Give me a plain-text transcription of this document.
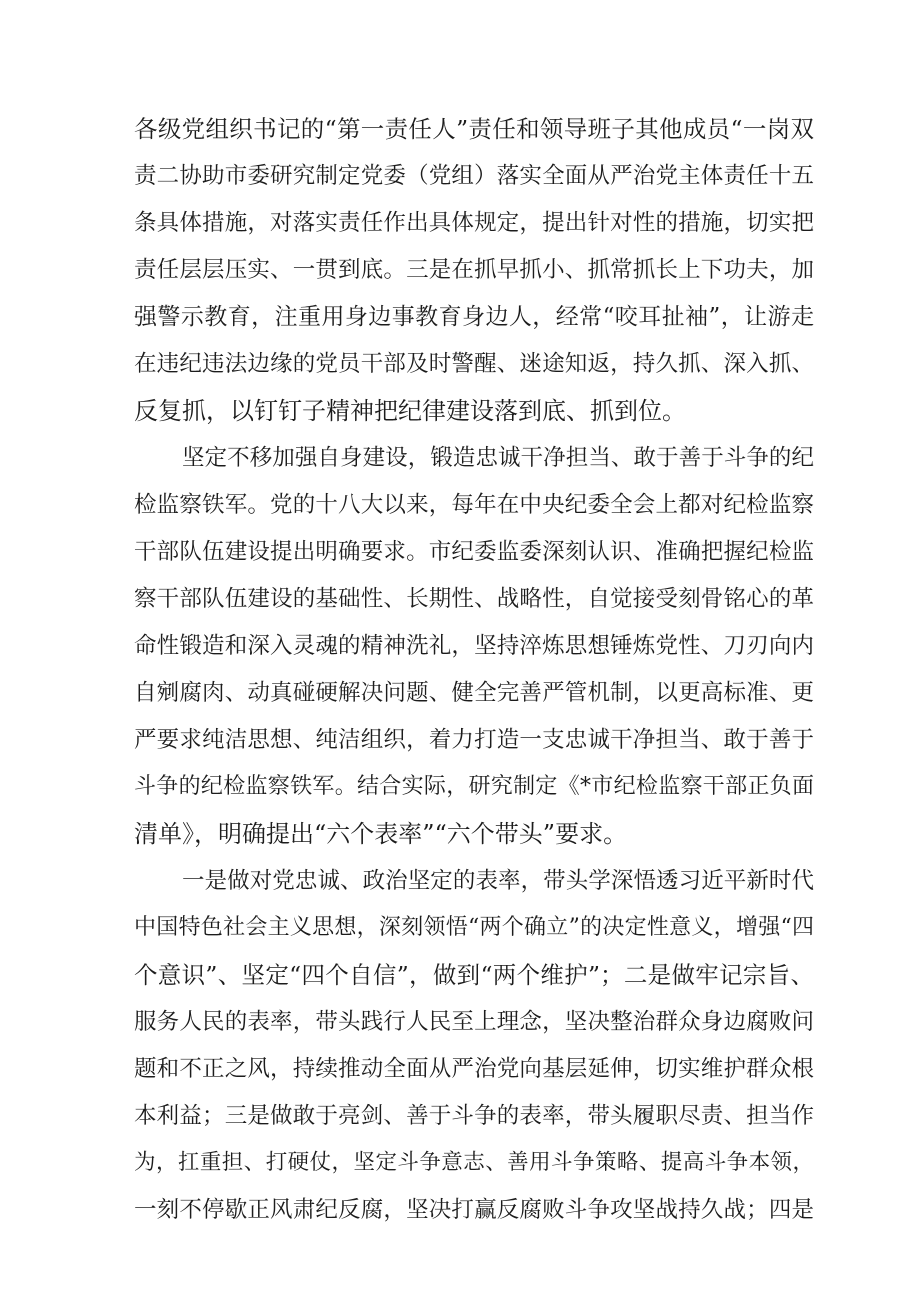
各级党组织书记的“第一责任人”责任和领导班子其他成员“一岗双

责二协助市委研究制定党委（党组）落实全面从严治党主体责任十五

条具体措施，对落实责任作出具体规定，提出针对性的措施，切实把

责任层层压实、一贯到底。三是在抓早抓小、抓常抓长上下功夫，加

强警示教育，注重用身边事教育身边人，经常“咬耳扯袖”，让游走

在违纪违法边缘的党员干部及时警醒、迷途知返，持久抓、深入抓、

反复抓，以钉钉子精神把纪律建设落到底、抓到位。

坚定不移加强自身建设，锻造忠诚干净担当、敢于善于斗争的纪

检监察铁军。党的十八大以来，每年在中央纪委全会上都对纪检监察

干部队伍建设提出明确要求。市纪委监委深刻认识、准确把握纪检监

察干部队伍建设的基础性、长期性、战略性，自觉接受刻骨铭心的革

命性锻造和深入灵魂的精神洗礼，坚持淬炼思想锤炼党性、刀刃向内

自剜腐肉、动真碰硬解决问题、健全完善严管机制，以更高标准、更

严要求纯洁思想、纯洁组织，着力打造一支忠诚干净担当、敢于善于

斗争的纪检监察铁军。结合实际，研究制定《*市纪检监察干部正负面

清单》，明确提出“六个表率”“六个带头”要求。

一是做对党忠诚、政治坚定的表率，带头学深悟透习近平新时代

中国特色社会主义思想，深刻领悟“两个确立”的决定性意义，增强“四

个意识”、坚定“四个自信”，做到“两个维护”；二是做牢记宗旨、

服务人民的表率，带头践行人民至上理念，坚决整治群众身边腐败问

题和不正之风，持续推动全面从严治党向基层延伸，切实维护群众根

本利益；三是做敢于亮剑、善于斗争的表率，带头履职尽责、担当作

为，扛重担、打硬仗，坚定斗争意志、善用斗争策略、提高斗争本领，

一刻不停歇正风肃纪反腐，坚决打赢反腐败斗争攻坚战持久战；四是
